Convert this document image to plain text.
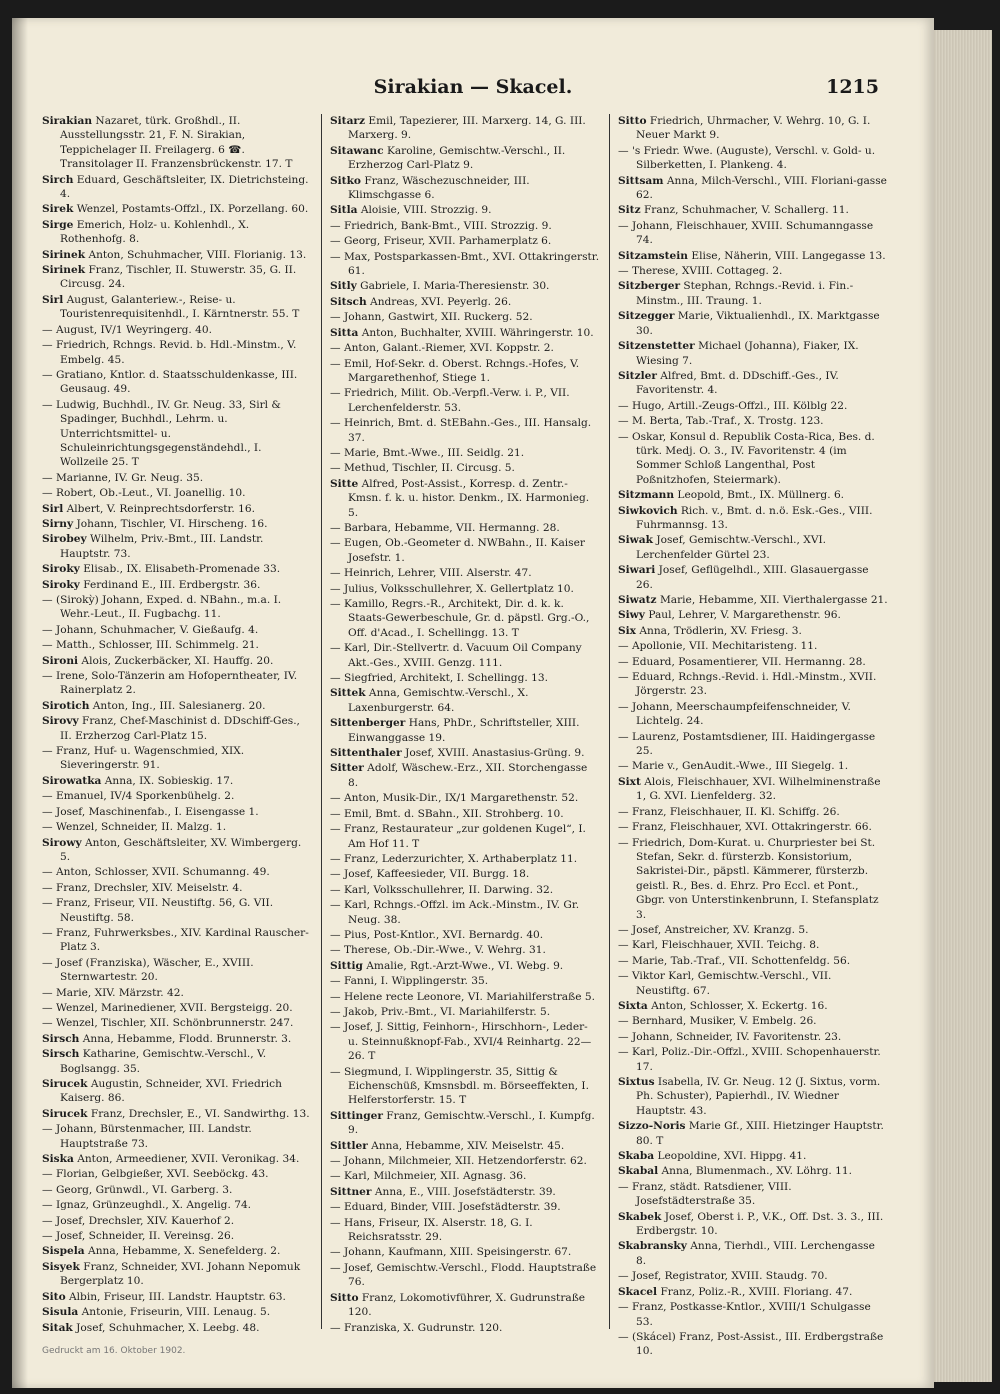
Sirakian — Skacel.	1215
Sirakian Nazaret, türk. Großhdl., II. Ausstellungsstr. 21, F. N. Sirakian, Teppichelager II. Freilagerg. 6 ☎. Transitolager II. Franzensbrückenstr. 17. T
Sirch Eduard, Geschäftsleiter, IX. Dietrichsteing. 4.
Sirek Wenzel, Postamts-Offzl., IX. Porzellang. 60.
Sirge Emerich, Holz- u. Kohlenhdl., X. Rothenhofg. 8.
Sirinek Anton, Schuhmacher, VIII. Florianig. 13.
Sirinek Franz, Tischler, II. Stuwerstr. 35, G. II. Circusg. 24.
Sirl August, Galanteriew.-, Reise- u. Touristenrequisitenhdl., I. Kärntnerstr. 55. T
— August, IV/1 Weyringerg. 40.
— Friedrich, Rchngs. Revid. b. Hdl.-Minstm., V. Embelg. 45.
— Gratiano, Kntlor. d. Staatsschuldenkasse, III. Geusaug. 49.
— Ludwig, Buchhdl., IV. Gr. Neug. 33, Sirl & Spadinger, Buchhdl., Lehrm. u. Unterrichtsmittel- u. Schuleinrichtungsgegenständehdl., I. Wollzeile 25. T
— Marianne, IV. Gr. Neug. 35.
— Robert, Ob.-Leut., VI. Joanellig. 10.
Sirl Albert, V. Reinprechtsdorferstr. 16.
Sirny Johann, Tischler, VI. Hirscheng. 16.
Sirobey Wilhelm, Priv.-Bmt., III. Landstr. Hauptstr. 73.
Siroky Elisab., IX. Elisabeth-Promenade 33.
Siroky Ferdinand E., III. Erdbergstr. 36.
— (Sirokỳ) Johann, Exped. d. NBahn., m.a. I. Wehr.-Leut., II. Fugbachg. 11.
— Johann, Schuhmacher, V. Gießaufg. 4.
— Matth., Schlosser, III. Schimmelg. 21.
Sironi Alois, Zuckerbäcker, XI. Hauffg. 20.
— Irene, Solo-Tänzerin am Hofoperntheater, IV. Rainerplatz 2.
Sirotich Anton, Ing., III. Salesianerg. 20.
Sirovy Franz, Chef-Maschinist d. DDschiff-Ges., II. Erzherzog Carl-Platz 15.
— Franz, Huf- u. Wagenschmied, XIX. Sieveringerstr. 91.
Sirowatka Anna, IX. Sobieskig. 17.
— Emanuel, IV/4 Sporkenbühelg. 2.
— Josef, Maschinenfab., I. Eisengasse 1.
— Wenzel, Schneider, II. Malzg. 1.
Sirowy Anton, Geschäftsleiter, XV. Wimbergerg. 5.
— Anton, Schlosser, XVII. Schumanng. 49.
— Franz, Drechsler, XIV. Meiselstr. 4.
— Franz, Friseur, VII. Neustiftg. 56, G. VII. Neustiftg. 58.
— Franz, Fuhrwerksbes., XIV. Kardinal Rauscher-Platz 3.
— Josef (Franziska), Wäscher, E., XVIII. Sternwartestr. 20.
— Marie, XIV. Märzstr. 42.
— Wenzel, Marinediener, XVII. Bergsteigg. 20.
— Wenzel, Tischler, XII. Schönbrunnerstr. 247.
Sirsch Anna, Hebamme, Flodd. Brunnerstr. 3.
Sirsch Katharine, Gemischtw.-Verschl., V. Boglsangg. 35.
Sirucek Augustin, Schneider, XVI. Friedrich Kaiserg. 86.
Sirucek Franz, Drechsler, E., VI. Sandwirthg. 13.
— Johann, Bürstenmacher, III. Landstr. Hauptstraße 73.
Siska Anton, Armeediener, XVII. Veronikag. 34.
— Florian, Gelbgießer, XVI. Seeböckg. 43.
— Georg, Grünwdl., VI. Garberg. 3.
— Ignaz, Grünzeughdl., X. Angelig. 74.
— Josef, Drechsler, XIV. Kauerhof 2.
— Josef, Schneider, II. Vereinsg. 26.
Sispela Anna, Hebamme, X. Senefelderg. 2.
Sisyek Franz, Schneider, XVI. Johann Nepomuk Bergerplatz 10.
Sito Albin, Friseur, III. Landstr. Hauptstr. 63.
Sisula Antonie, Friseurin, VIII. Lenaug. 5.
Sitak Josef, Schuhmacher, X. Leebg. 48.
Sitarz Emil, Tapezierer, III. Marxerg. 14, G. III. Marxerg. 9.
Sitawanc Karoline, Gemischtw.-Verschl., II. Erzherzog Carl-Platz 9.
Sitko Franz, Wäschezuschneider, III. Klimschgasse 6.
Sitla Aloisie, VIII. Strozzig. 9.
— Friedrich, Bank-Bmt., VIII. Strozzig. 9.
— Georg, Friseur, XVII. Parhamerplatz 6.
— Max, Postsparkassen-Bmt., XVI. Ottakringerstr. 61.
Sitly Gabriele, I. Maria-Theresienstr. 30.
Sitsch Andreas, XVI. Peyerlg. 26.
— Johann, Gastwirt, XII. Ruckerg. 52.
Sitta Anton, Buchhalter, XVIII. Währingerstr. 10.
— Anton, Galant.-Riemer, XVI. Koppstr. 2.
— Emil, Hof-Sekr. d. Oberst. Rchngs.-Hofes, V. Margarethenhof, Stiege 1.
— Friedrich, Milit. Ob.-Verpfl.-Verw. i. P., VII. Lerchenfelderstr. 53.
— Heinrich, Bmt. d. StEBahn.-Ges., III. Hansalg. 37.
— Marie, Bmt.-Wwe., III. Seidlg. 21.
— Methud, Tischler, II. Circusg. 5.
Sitte Alfred, Post-Assist., Korresp. d. Zentr.-Kmsn. f. k. u. histor. Denkm., IX. Harmonieg. 5.
— Barbara, Hebamme, VII. Hermanng. 28.
— Eugen, Ob.-Geometer d. NWBahn., II. Kaiser Josefstr. 1.
— Heinrich, Lehrer, VIII. Alserstr. 47.
— Julius, Volksschullehrer, X. Gellertplatz 10.
— Kamillo, Regrs.-R., Architekt, Dir. d. k. k. Staats-Gewerbeschule, Gr. d. päpstl. Grg.-O., Off. d'Acad., I. Schellingg. 13. T
— Karl, Dir.-Stellvertr. d. Vacuum Oil Company Akt.-Ges., XVIII. Genzg. 111.
— Siegfried, Architekt, I. Schellingg. 13.
Sittek Anna, Gemischtw.-Verschl., X. Laxenburgerstr. 64.
Sittenberger Hans, PhDr., Schriftsteller, XIII. Einwanggasse 19.
Sittenthaler Josef, XVIII. Anastasius-Grüng. 9.
Sitter Adolf, Wäschew.-Erz., XII. Storchengasse 8.
— Anton, Musik-Dir., IX/1 Margarethenstr. 52.
— Emil, Bmt. d. SBahn., XII. Strohberg. 10.
— Franz, Restaurateur „zur goldenen Kugel“, I. Am Hof 11. T
— Franz, Lederzurichter, X. Arthaberplatz 11.
— Josef, Kaffeesieder, VII. Burgg. 18.
— Karl, Volksschullehrer, II. Darwing. 32.
— Karl, Rchngs.-Offzl. im Ack.-Minstm., IV. Gr. Neug. 38.
— Pius, Post-Kntlor., XVI. Bernardg. 40.
— Therese, Ob.-Dir.-Wwe., V. Wehrg. 31.
Sittig Amalie, Rgt.-Arzt-Wwe., VI. Webg. 9.
— Fanni, I. Wipplingerstr. 35.
— Helene recte Leonore, VI. Mariahilferstraße 5.
— Jakob, Priv.-Bmt., VI. Mariahilferstr. 5.
— Josef, J. Sittig, Feinhorn-, Hirschhorn-, Leder- u. Steinnußknopf-Fab., XVI/4 Reinhartg. 22—26. T
— Siegmund, I. Wipplingerstr. 35, Sittig & Eichenschüß, Kmsnsbdl. m. Börseeffekten, I. Helferstorferstr. 15. T
Sittinger Franz, Gemischtw.-Verschl., I. Kumpfg. 9.
Sittler Anna, Hebamme, XIV. Meiselstr. 45.
— Johann, Milchmeier, XII. Hetzendorferstr. 62.
— Karl, Milchmeier, XII. Agnasg. 36.
Sittner Anna, E., VIII. Josefstädterstr. 39.
— Eduard, Binder, VIII. Josefstädterstr. 39.
— Hans, Friseur, IX. Alserstr. 18, G. I. Reichsratsstr. 29.
— Johann, Kaufmann, XIII. Speisingerstr. 67.
— Josef, Gemischtw.-Verschl., Flodd. Hauptstraße 76.
Sitto Franz, Lokomotivführer, X. Gudrunstraße 120.
— Franziska, X. Gudrunstr. 120.
Sitto Friedrich, Uhrmacher, V. Wehrg. 10, G. I. Neuer Markt 9.
— 's Friedr. Wwe. (Auguste), Verschl. v. Gold- u. Silberketten, I. Plankeng. 4.
Sittsam Anna, Milch-Verschl., VIII. Floriani-gasse 62.
Sitz Franz, Schuhmacher, V. Schallerg. 11.
— Johann, Fleischhauer, XVIII. Schumanngasse 74.
Sitzamstein Elise, Näherin, VIII. Langegasse 13.
— Therese, XVIII. Cottageg. 2.
Sitzberger Stephan, Rchngs.-Revid. i. Fin.-Minstm., III. Traung. 1.
Sitzegger Marie, Viktualienhdl., IX. Marktgasse 30.
Sitzenstetter Michael (Johanna), Fiaker, IX. Wiesing 7.
Sitzler Alfred, Bmt. d. DDschiff.-Ges., IV. Favoritenstr. 4.
— Hugo, Artill.-Zeugs-Offzl., III. Kölblg 22.
— M. Berta, Tab.-Traf., X. Trostg. 123.
— Oskar, Konsul d. Republik Costa-Rica, Bes. d. türk. Medj. O. 3., IV. Favoritenstr. 4 (im Sommer Schloß Langenthal, Post Poßnitzhofen, Steiermark).
Sitzmann Leopold, Bmt., IX. Müllnerg. 6.
Siwkovich Rich. v., Bmt. d. n.ö. Esk.-Ges., VIII. Fuhrmannsg. 13.
Siwak Josef, Gemischtw.-Verschl., XVI. Lerchenfelder Gürtel 23.
Siwari Josef, Geflügelhdl., XIII. Glasauergasse 26.
Siwatz Marie, Hebamme, XII. Vierthalergasse 21.
Siwy Paul, Lehrer, V. Margarethenstr. 96.
Six Anna, Trödlerin, XV. Friesg. 3.
— Apollonie, VII. Mechitaristeng. 11.
— Eduard, Posamentierer, VII. Hermanng. 28.
— Eduard, Rchngs.-Revid. i. Hdl.-Minstm., XVII. Jörgerstr. 23.
— Johann, Meerschaumpfeifenschneider, V. Lichtelg. 24.
— Laurenz, Postamtsdiener, III. Haidingergasse 25.
— Marie v., GenAudit.-Wwe., III Siegelg. 1.
Sixt Alois, Fleischhauer, XVI. Wilhelminenstraße 1, G. XVI. Lienfelderg. 32.
— Franz, Fleischhauer, II. Kl. Schiffg. 26.
— Franz, Fleischhauer, XVI. Ottakringerstr. 66.
— Friedrich, Dom-Kurat. u. Churpriester bei St. Stefan, Sekr. d. fürsterzb. Konsistorium, Sakristei-Dir., päpstl. Kämmerer, fürsterzb. geistl. R., Bes. d. Ehrz. Pro Eccl. et Pont., Gbgr. von Unterstinkenbrunn, I. Stefansplatz 3.
— Josef, Anstreicher, XV. Kranzg. 5.
— Karl, Fleischhauer, XVII. Teichg. 8.
— Marie, Tab.-Traf., VII. Schottenfeldg. 56.
— Viktor Karl, Gemischtw.-Verschl., VII. Neustiftg. 67.
Sixta Anton, Schlosser, X. Eckertg. 16.
— Bernhard, Musiker, V. Embelg. 26.
— Johann, Schneider, IV. Favoritenstr. 23.
— Karl, Poliz.-Dir.-Offzl., XVIII. Schopenhauerstr. 17.
Sixtus Isabella, IV. Gr. Neug. 12 (J. Sixtus, vorm. Ph. Schuster), Papierhdl., IV. Wiedner Hauptstr. 43.
Sizzo-Noris Marie Gf., XIII. Hietzinger Hauptstr. 80. T
Skaba Leopoldine, XVI. Hippg. 41.
Skabal Anna, Blumenmach., XV. Löhrg. 11.
— Franz, städt. Ratsdiener, VIII. Josefstädterstraße 35.
Skabek Josef, Oberst i. P., V.K., Off. Dst. 3. 3., III. Erdbergstr. 10.
Skabransky Anna, Tierhdl., VIII. Lerchengasse 8.
— Josef, Registrator, XVIII. Staudg. 70.
Skacel Franz, Poliz.-R., XVIII. Floriang. 47.
— Franz, Postkasse-Kntlor., XVIII/1 Schulgasse 53.
— (Skácel) Franz, Post-Assist., III. Erdbergstraße 10.
Gedruckt am 16. Oktober 1902.
